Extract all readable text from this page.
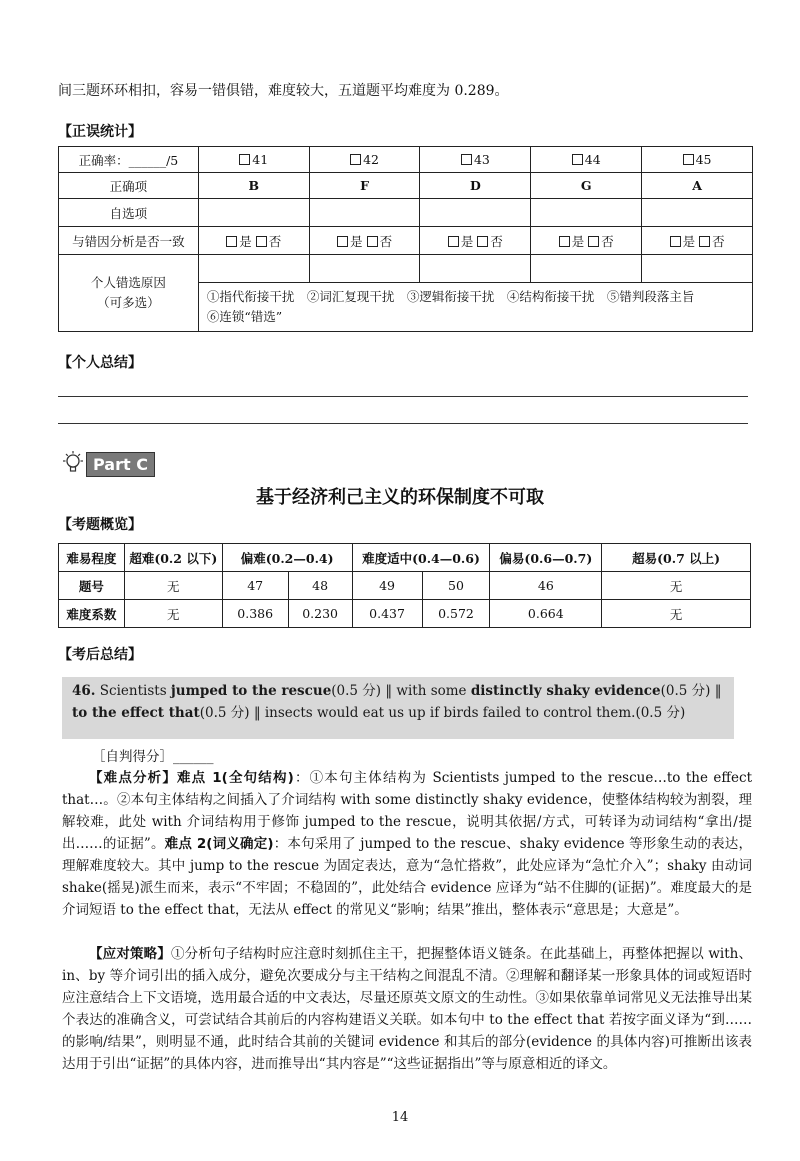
间三题环环相扣，容易一错俱错，难度较大，五道题平均难度为 0.289。
【正误统计】
正确率：______/5	41	42	43	44	45
正确项	B	F	D	G	A
自选项					
与错因分析是否一致	是 否	是 否	是 否	是 否	是 否
个人错选原因
（可多选）					

	①指代衔接干扰　②词汇复现干扰　③逻辑衔接干扰　④结构衔接干扰　⑤错判段落主旨
⑥连锁“错选”				
【个人总结】
Part C
基于经济利己主义的环保制度不可取
【考题概览】
难易程度	超难(0.2 以下)	偏难(0.2—0.4)		难度适中(0.4—0.6)		偏易(0.6—0.7)	超易(0.7 以上)
题号	无	47	48	49	50	46	无
难度系数	无	0.386	0.230	0.437	0.572	0.664	无
【考后总结】
46. Scientists jumped to the rescue(0.5 分) ‖ with some distinctly shaky evidence(0.5 分) ‖ to the effect that(0.5 分) ‖ insects would eat us up if birds failed to control them.(0.5 分)
［自判得分］______
【难点分析】难点 1(全句结构)：①本句主体结构为 Scientists jumped to the rescue…to the effect that…。②本句主体结构之间插入了介词结构 with some distinctly shaky evidence，使整体结构较为割裂，理解较难，此处 with 介词结构用于修饰 jumped to the rescue，说明其依据/方式，可转译为动词结构“拿出/提出……的证据”。难点 2(词义确定)：本句采用了 jumped to the rescue、shaky evidence 等形象生动的表达，理解难度较大。其中 jump to the rescue 为固定表达，意为“急忙搭救”，此处应译为“急忙介入”；shaky 由动词 shake(摇晃)派生而来，表示“不牢固；不稳固的”，此处结合 evidence 应译为“站不住脚的(证据)”。难度最大的是介词短语 to the effect that，无法从 effect 的常见义“影响；结果”推出，整体表示“意思是；大意是”。
【应对策略】①分析句子结构时应注意时刻抓住主干，把握整体语义链条。在此基础上，再整体把握以 with、in、by 等介词引出的插入成分，避免次要成分与主干结构之间混乱不清。②理解和翻译某一形象具体的词或短语时应注意结合上下文语境，选用最合适的中文表达，尽量还原英文原文的生动性。③如果依靠单词常见义无法推导出某个表达的准确含义，可尝试结合其前后的内容构建语义关联。如本句中 to the effect that 若按字面义译为“到……的影响/结果”，则明显不通，此时结合其前的关键词 evidence 和其后的部分(evidence 的具体内容)可推断出该表达用于引出“证据”的具体内容，进而推导出“其内容是”“这些证据指出”等与原意相近的译文。
14
